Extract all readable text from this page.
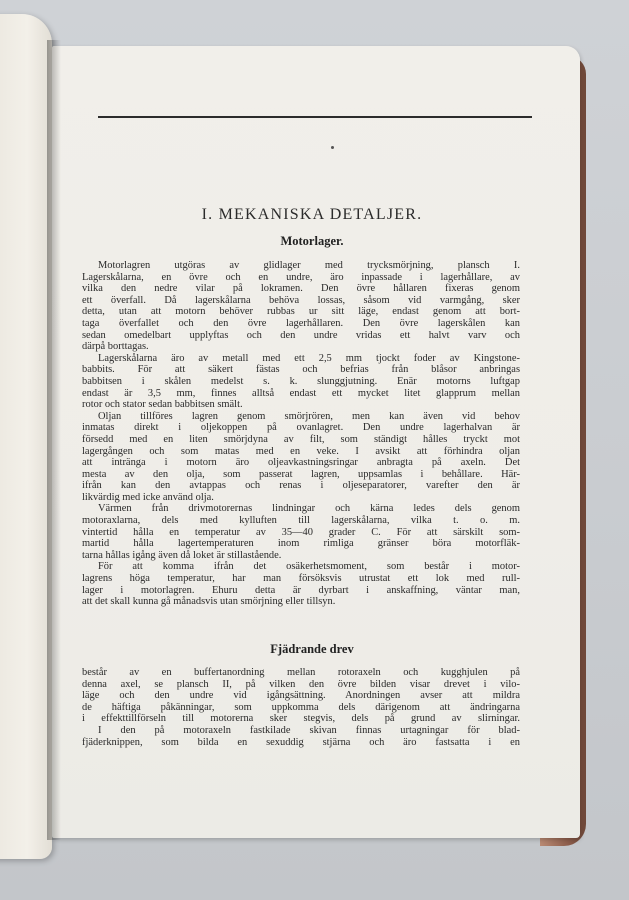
I. MEKANISKA DETALJER.
Motorlager.
Motorlagren utgöras av glidlager med trycksmörjning, plansch I.
Lagerskålarna, en övre och en undre, äro inpassade i lagerhållare, av
vilka den nedre vilar på lokramen. Den övre hållaren fixeras genom
ett överfall. Då lagerskålarna behöva lossas, såsom vid varmgång, sker
detta, utan att motorn behöver rubbas ur sitt läge, endast genom att bort-
taga överfallet och den övre lagerhållaren. Den övre lagerskålen kan
sedan omedelbart upplyftas och den undre vridas ett halvt varv och
därpå borttagas.
Lagerskålarna äro av metall med ett 2,5 mm tjockt foder av Kingstone-
babbits. För att säkert fästas och befrias från blåsor anbringas
babbitsen i skålen medelst s. k. slunggjutning. Enär motorns luftgap
endast är 3,5 mm, finnes alltså endast ett mycket litet glapprum mellan
rotor och stator sedan babbitsen smält.
Oljan tillföres lagren genom smörjrören, men kan även vid behov
inmatas direkt i oljekoppen på ovanlagret. Den undre lagerhalvan är
försedd med en liten smörjdyna av filt, som ständigt hålles tryckt mot
lagergången och som matas med en veke. I avsikt att förhindra oljan
att intränga i motorn äro oljeavkastningsringar anbragta på axeln. Det
mesta av den olja, som passerat lagren, uppsamlas i behållare. Här-
ifrån kan den avtappas och renas i oljeseparatorer, varefter den är
likvärdig med icke använd olja.
Värmen från drivmotorernas lindningar och kärna ledes dels genom
motoraxlarna, dels med kylluften till lagerskålarna, vilka t. o. m.
vintertid hålla en temperatur av 35—40 grader C. För att särskilt som-
martid hålla lagertemperaturen inom rimliga gränser böra motorfläk-
tarna hållas igång även då loket är stillastående.
För att komma ifrån det osäkerhetsmoment, som består i motor-
lagrens höga temperatur, har man försöksvis utrustat ett lok med rull-
lager i motorlagren. Ehuru detta är dyrbart i anskaffning, väntar man,
att det skall kunna gå månadsvis utan smörjning eller tillsyn.
Fjädrande drev
består av en buffertanordning mellan rotoraxeln och kugghjulen på
denna axel, se plansch II, på vilken den övre bilden visar drevet i vilo-
läge och den undre vid igångsättning. Anordningen avser att mildra
de häftiga påkänningar, som uppkomma dels därigenom att ändringarna
i effekttillförseln till motorerna sker stegvis, dels på grund av slirningar.
I den på motoraxeln fastkilade skivan finnas urtagningar för blad-
fjäderknippen, som bilda en sexuddig stjärna och äro fastsatta i en
